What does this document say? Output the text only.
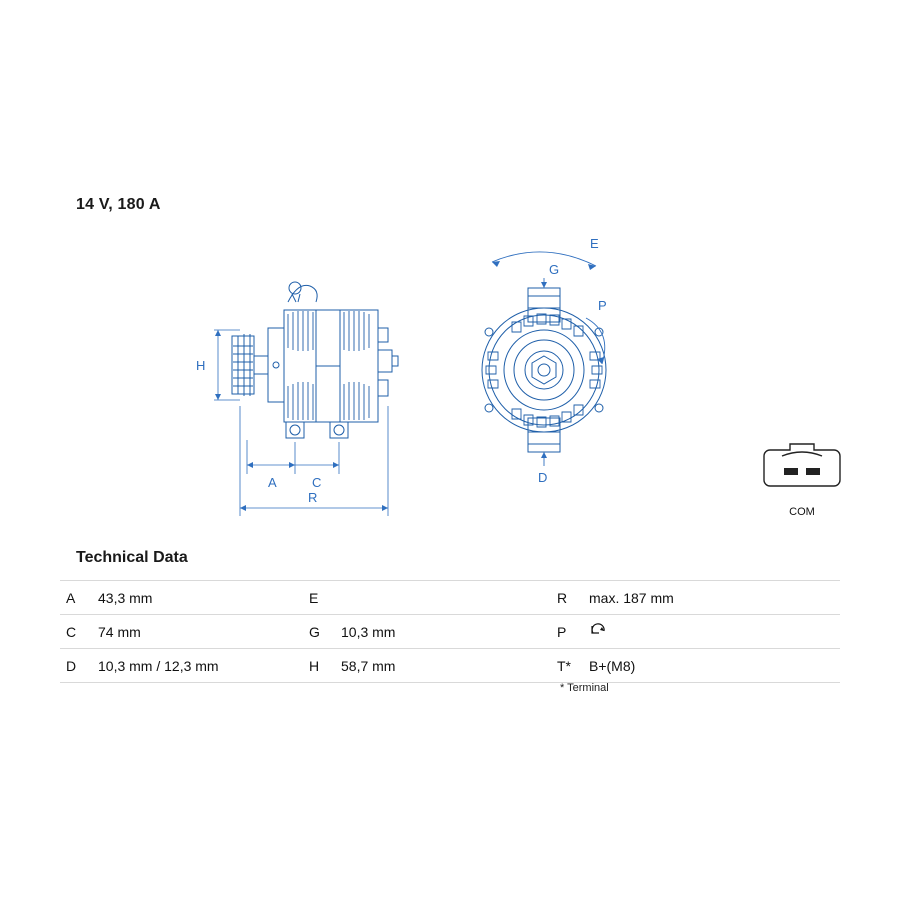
14 V, 180 A
H
A	C
R
E
G
P
D
COM
Technical Data
A	43,3 mm	E		R	max. 187 mm
C	74 mm	G	10,3 mm	P	
D	10,3 mm / 12,3 mm	H	58,7 mm	T*	B+(M8)
* Terminal
